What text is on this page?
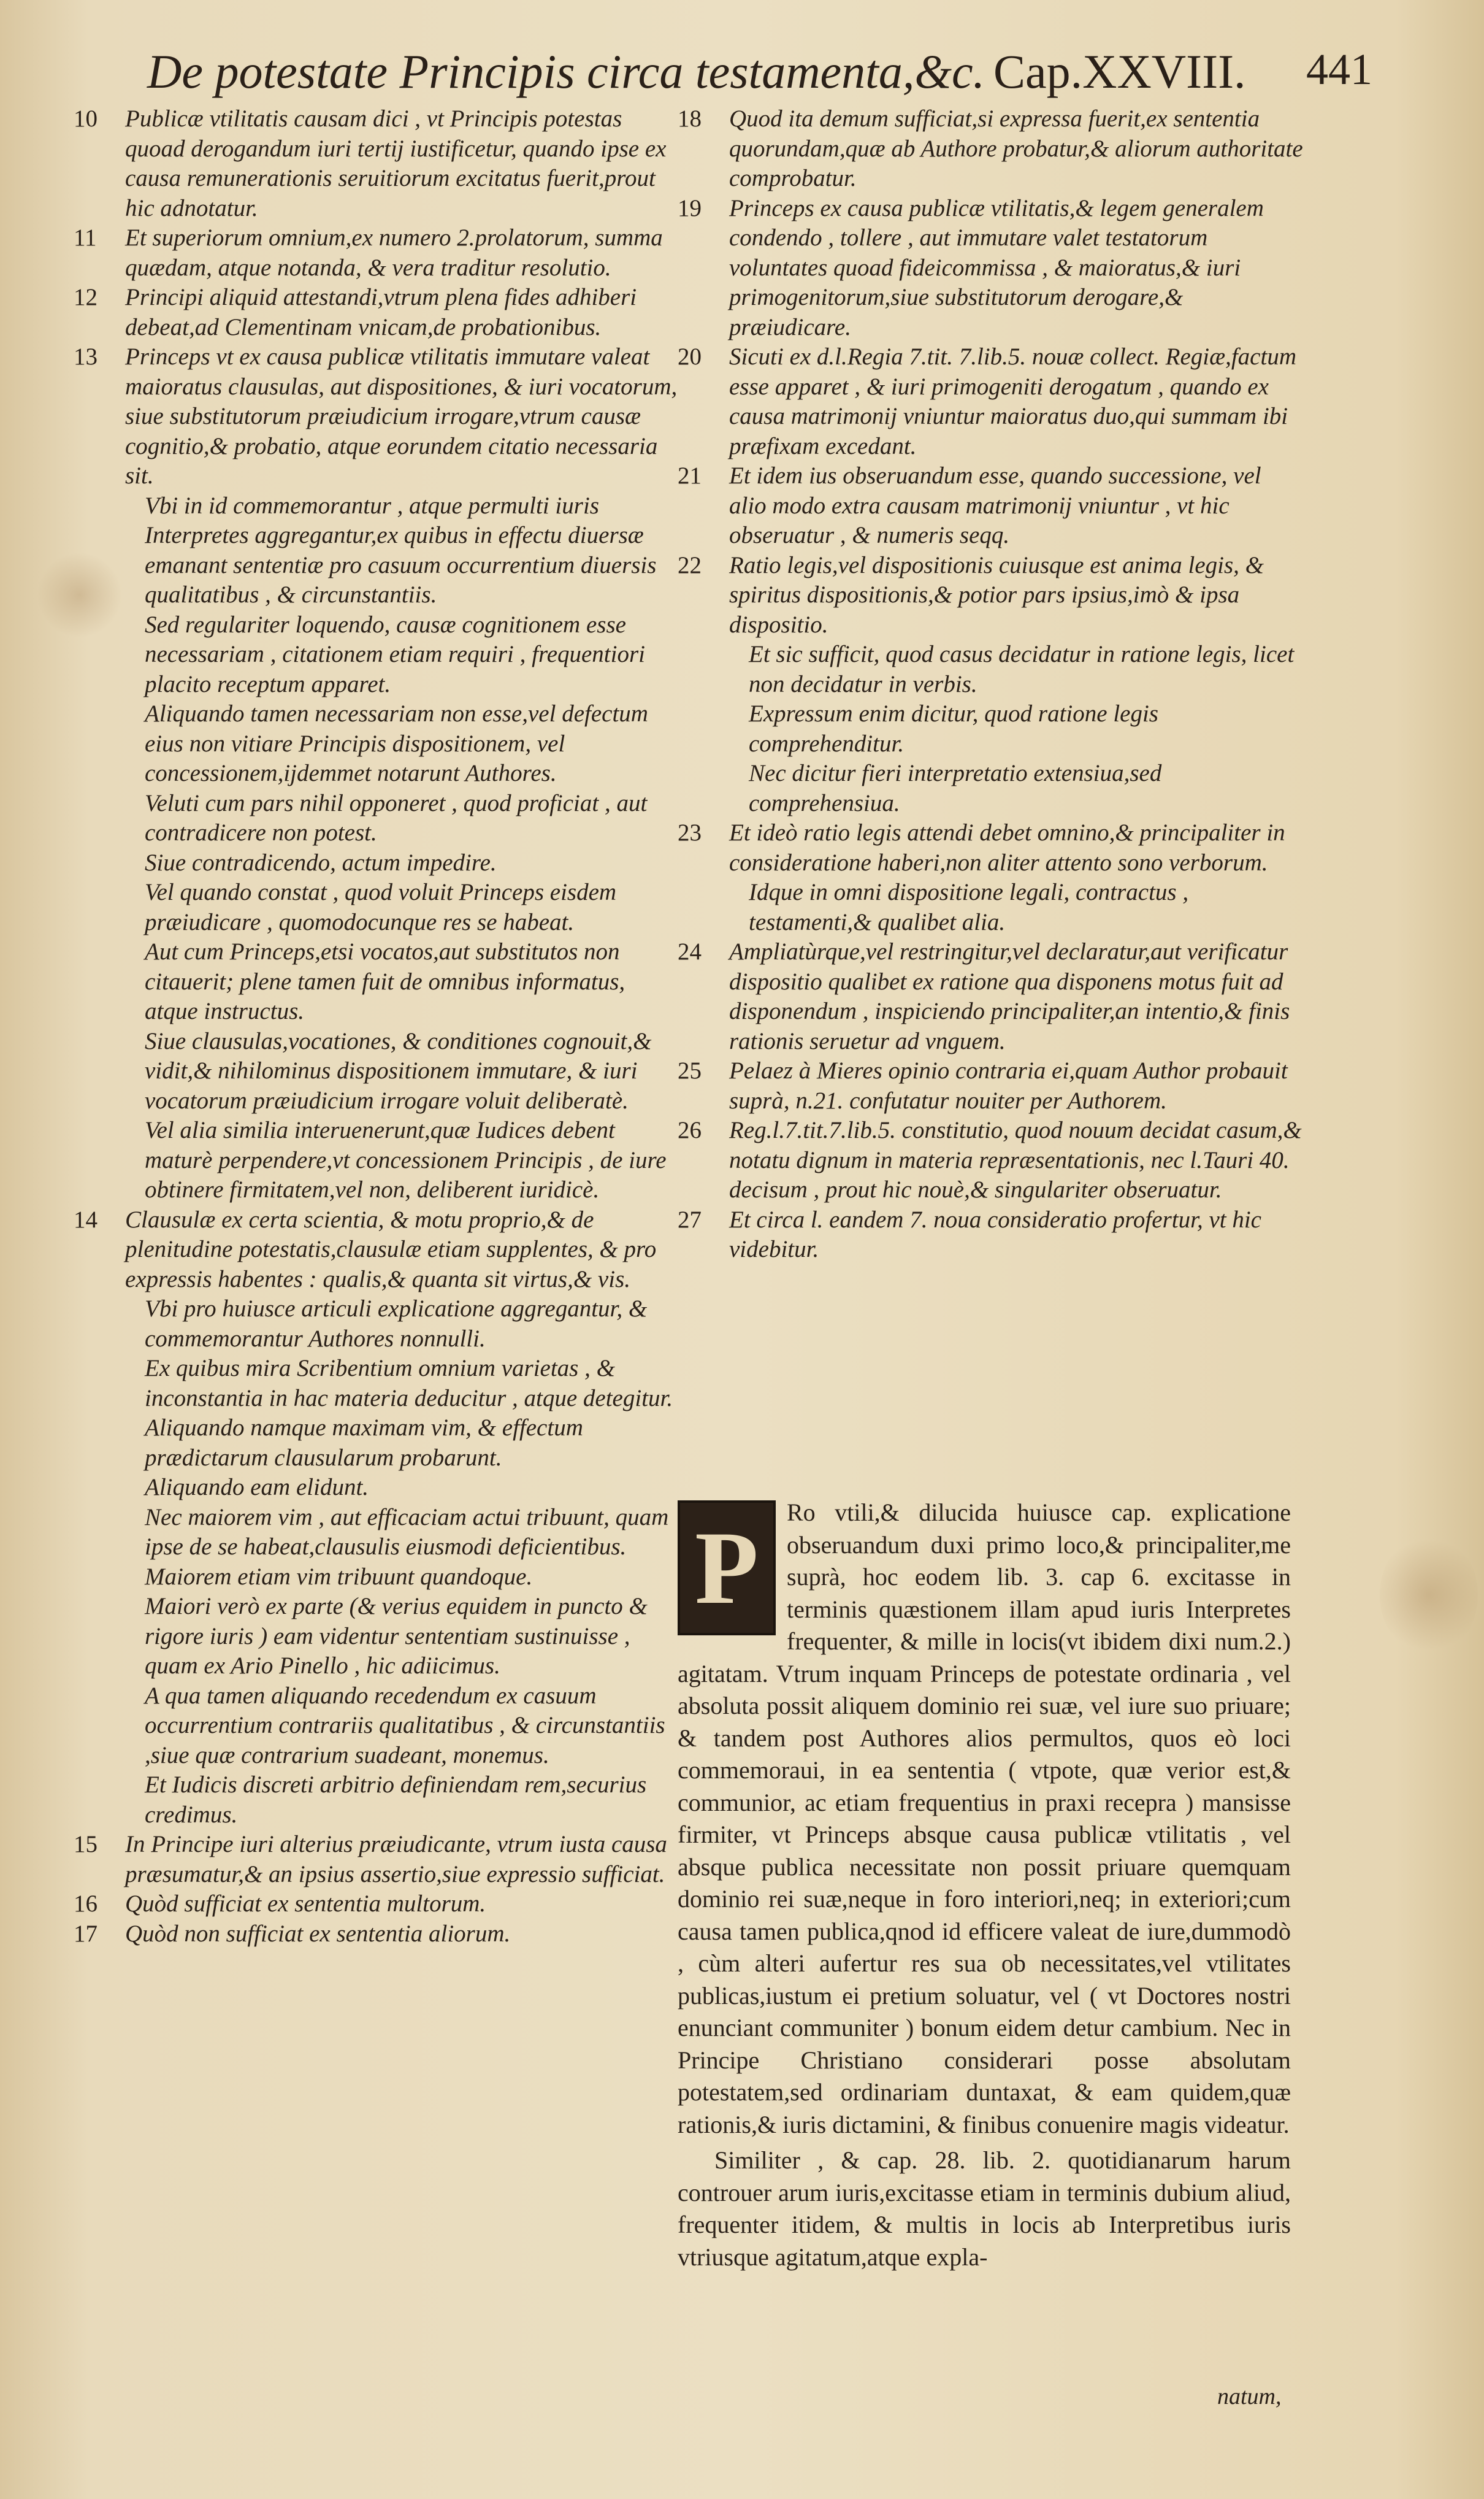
De potestate Principis circa testamenta,&c. Cap.XXVIII. 441
10	Publicæ vtilitatis causam dici , vt Principis potestas quoad derogandum iuri tertij iustificetur, quando ipse ex causa remunerationis seruitiorum excitatus fuerit,prout hic adnotatur.
11	Et superiorum omnium,ex numero 2.prolatorum, summa quædam, atque notanda, & vera traditur resolutio.
12	Principi aliquid attestandi,vtrum plena fides adhiberi debeat,ad Clementinam vnicam,de probationibus.
13	Princeps vt ex causa publicæ vtilitatis immutare valeat maioratus clausulas, aut dispositiones, & iuri vocatorum, siue substitutorum præiudicium irrogare,vtrum causæ cognitio,& probatio, atque eorundem citatio necessaria sit.
Vbi in id commemorantur , atque permulti iuris Interpretes aggregantur,ex quibus in effectu diuersæ emanant sententiæ pro casuum occurrentium diuersis qualitatibus , & circunstantiis.
Sed regulariter loquendo, causæ cognitionem esse necessariam , citationem etiam requiri , frequentiori placito receptum apparet.
Aliquando tamen necessariam non esse,vel defectum eius non vitiare Principis dispositionem, vel concessionem,ijdemmet notarunt Authores.
Veluti cum pars nihil opponeret , quod proficiat , aut contradicere non potest.
Siue contradicendo, actum impedire.
Vel quando constat , quod voluit Princeps eisdem præiudicare , quomodocunque res se habeat.
Aut cum Princeps,etsi vocatos,aut substitutos non citauerit; plene tamen fuit de omnibus informatus, atque instructus.
Siue clausulas,vocationes, & conditiones cognouit,& vidit,& nihilominus dispositionem immutare, & iuri vocatorum præiudicium irrogare voluit deliberatè.
Vel alia similia interuenerunt,quæ Iudices debent maturè perpendere,vt concessionem Principis , de iure obtinere firmitatem,vel non, deliberent iuridicè.
14	Clausulæ ex certa scientia, & motu proprio,& de plenitudine potestatis,clausulæ etiam supplentes, & pro expressis habentes : qualis,& quanta sit virtus,& vis.
Vbi pro huiusce articuli explicatione aggregantur, & commemorantur Authores nonnulli.
Ex quibus mira Scribentium omnium varietas , & inconstantia in hac materia deducitur , atque detegitur.
Aliquando namque maximam vim, & effectum prædictarum clausularum probarunt.
Aliquando eam elidunt.
Nec maiorem vim , aut efficaciam actui tribuunt, quam ipse de se habeat,clausulis eiusmodi deficientibus.
Maiorem etiam vim tribuunt quandoque.
Maiori verò ex parte (& verius equidem in puncto & rigore iuris ) eam videntur sententiam sustinuisse , quam ex Ario Pinello , hic adiicimus.
A qua tamen aliquando recedendum ex casuum occurrentium contrariis qualitatibus , & circunstantiis ,siue quæ contrarium suadeant, monemus.
Et Iudicis discreti arbitrio definiendam rem,securius credimus.
15	In Principe iuri alterius præiudicante, vtrum iusta causa præsumatur,& an ipsius assertio,siue expressio sufficiat.
16	Quòd sufficiat ex sententia multorum.
17	Quòd non sufficiat ex sententia aliorum.
18	Quod ita demum sufficiat,si expressa fuerit,ex sententia quorundam,quæ ab Authore probatur,& aliorum authoritate comprobatur.
19	Princeps ex causa publicæ vtilitatis,& legem generalem condendo , tollere , aut immutare valet testatorum voluntates quoad fideicommissa , & maioratus,& iuri primogenitorum,siue substitutorum derogare,& præiudicare.
20	Sicuti ex d.l.Regia 7.tit. 7.lib.5. nouæ collect. Regiæ,factum esse apparet , & iuri primogeniti derogatum , quando ex causa matrimonij vniuntur maioratus duo,qui summam ibi præfixam excedant.
21	Et idem ius obseruandum esse, quando successione, vel alio modo extra causam matrimonij vniuntur , vt hic obseruatur , & numeris seqq.
22	Ratio legis,vel dispositionis cuiusque est anima legis, & spiritus dispositionis,& potior pars ipsius,imò & ipsa dispositio.
Et sic sufficit, quod casus decidatur in ratione legis, licet non decidatur in verbis.
Expressum enim dicitur, quod ratione legis comprehenditur.
Nec dicitur fieri interpretatio extensiua,sed comprehensiua.
23	Et ideò ratio legis attendi debet omnino,& principaliter in consideratione haberi,non aliter attento sono verborum.
Idque in omni dispositione legali, contractus , testamenti,& qualibet alia.
24	Ampliatùrque,vel restringitur,vel declaratur,aut verificatur dispositio qualibet ex ratione qua disponens motus fuit ad disponendum , inspiciendo principaliter,an intentio,& finis rationis seruetur ad vnguem.
25	Pelaez à Mieres opinio contraria ei,quam Author probauit suprà, n.21. confutatur nouiter per Authorem.
26	Reg.l.7.tit.7.lib.5. constitutio, quod nouum decidat casum,& notatu dignum in materia repræsentationis, nec l.Tauri 40. decisum , prout hic nouè,& singulariter obseruatur.
27	Et circa l. eandem 7. noua consideratio profertur, vt hic videbitur.
P	Ro vtili,& dilucida huiusce cap. explicatione obseruandum duxi primo loco,& principaliter,me suprà, hoc eodem lib. 3. cap 6. excitasse in terminis quæstionem illam apud iuris Interpretes frequenter, & mille in locis(vt ibidem dixi num.2.) agitatam. Vtrum inquam Princeps de potestate ordinaria , vel absoluta possit aliquem dominio rei suæ, vel iure suo priuare; & tandem post Authores alios permultos, quos eò loci commemoraui, in ea sententia ( vtpote, quæ verior est,& communior, ac etiam frequentius in praxi recepra ) mansisse firmiter, vt Princeps absque causa publicæ vtilitatis , vel absque publica necessitate non possit priuare quemquam dominio rei suæ,neque in foro interiori,neq; in exteriori;cum causa tamen publica,qnod id efficere valeat de iure,dummodò , cùm alteri aufertur res sua ob necessitates,vel vtilitates publicas,iustum ei pretium soluatur, vel ( vt Doctores nostri enunciant communiter ) bonum eidem detur cambium. Nec in Principe Christiano considerari posse absolutam potestatem,sed ordinariam duntaxat, & eam quidem,quæ rationis,& iuris dictamini, & finibus conuenire magis videatur.

Similiter , & cap. 28. lib. 2. quotidianarum harum controuer arum iuris,excitasse etiam in terminis dubium aliud, frequenter itidem, & multis in locis ab Interpretibus iuris vtriusque agitatum,atque expla-

natum,
